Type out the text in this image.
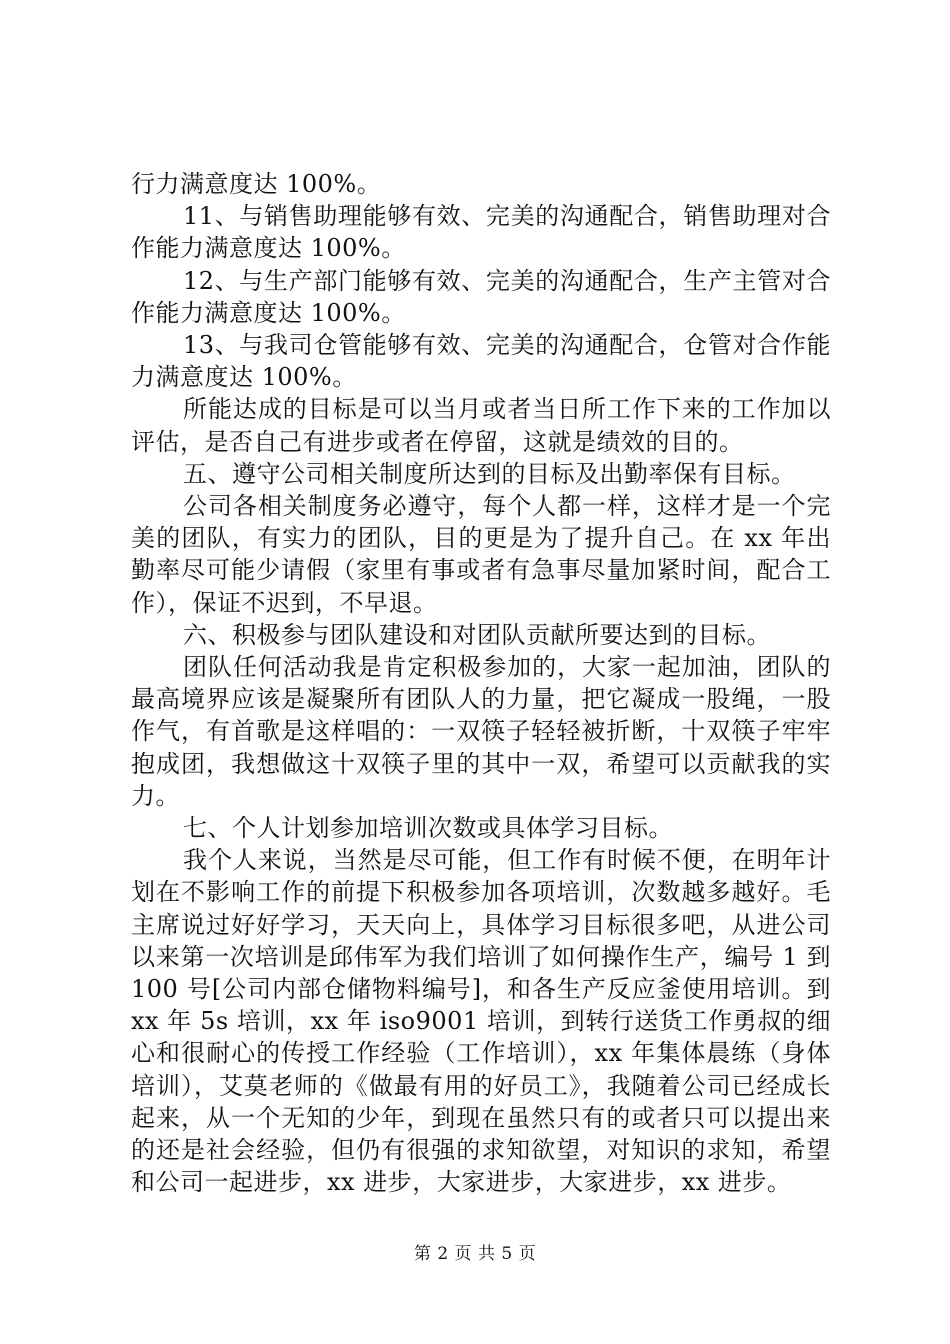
行力满意度达 100%。

11、与销售助理能够有效、完美的沟通配合，销售助理对合作能力满意度达 100%。

12、与生产部门能够有效、完美的沟通配合，生产主管对合作能力满意度达 100%。

13、与我司仓管能够有效、完美的沟通配合，仓管对合作能力满意度达 100%。

所能达成的目标是可以当月或者当日所工作下来的工作加以评估，是否自己有进步或者在停留，这就是绩效的目的。

五、遵守公司相关制度所达到的目标及出勤率保有目标。

公司各相关制度务必遵守，每个人都一样，这样才是一个完美的团队，有实力的团队，目的更是为了提升自己。在 xx 年出勤率尽可能少请假（家里有事或者有急事尽量加紧时间，配合工作），保证不迟到，不早退。

六、积极参与团队建设和对团队贡献所要达到的目标。

团队任何活动我是肯定积极参加的，大家一起加油，团队的最高境界应该是凝聚所有团队人的力量，把它凝成一股绳，一股作气，有首歌是这样唱的：一双筷子轻轻被折断，十双筷子牢牢抱成团，我想做这十双筷子里的其中一双，希望可以贡献我的实力。

七、个人计划参加培训次数或具体学习目标。

我个人来说，当然是尽可能，但工作有时候不便，在明年计划在不影响工作的前提下积极参加各项培训，次数越多越好。毛主席说过好好学习，天天向上，具体学习目标很多吧，从进公司以来第一次培训是邱伟军为我们培训了如何操作生产，编号 1 到 100 号[公司内部仓储物料编号]，和各生产反应釜使用培训。到 xx 年 5s 培训，xx 年 iso9001 培训，到转行送货工作勇叔的细心和很耐心的传授工作经验（工作培训），xx 年集体晨练（身体培训），艾莫老师的《做最有用的好员工》，我随着公司已经成长起来，从一个无知的少年，到现在虽然只有的或者只可以提出来的还是社会经验，但仍有很强的求知欲望，对知识的求知，希望和公司一起进步，xx 进步，大家进步，大家进步，xx 进步。

第 2 页 共 5 页
